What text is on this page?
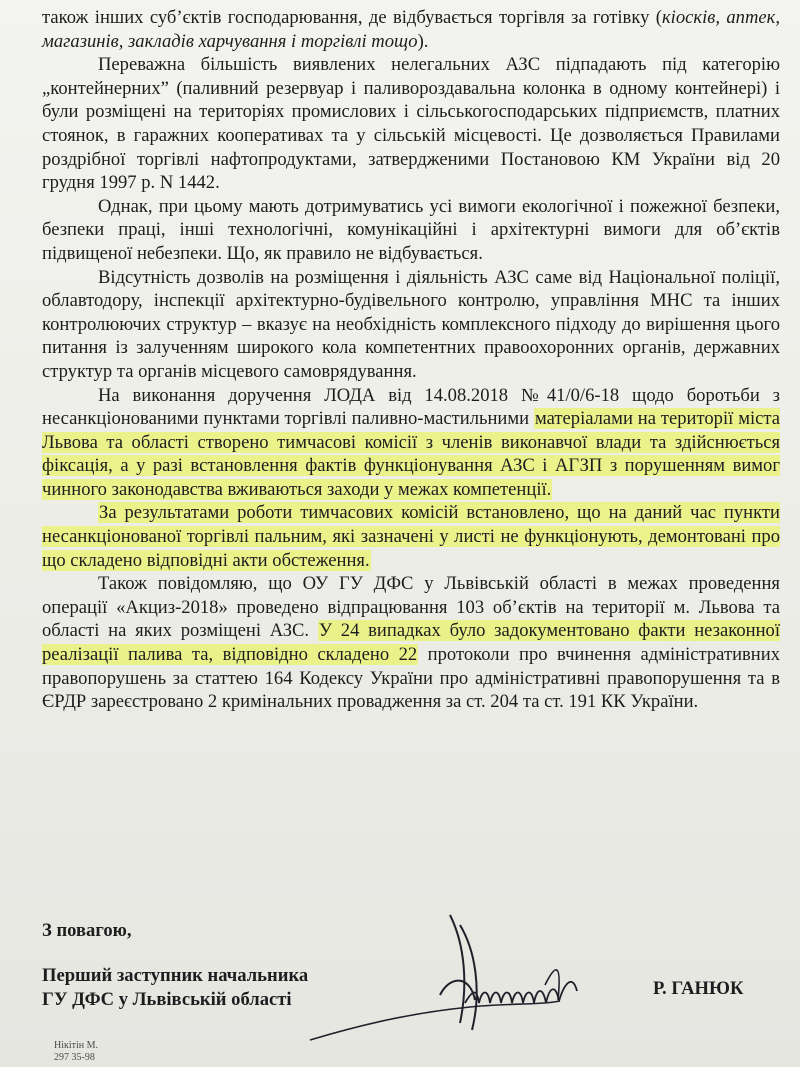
також інших суб’єктів господарювання, де відбувається торгівля за готівку (кіосків, аптек, магазинів, закладів харчування і торгівлі тощо).

Переважна більшість виявлених нелегальних АЗС підпадають під категорію „контейнерних” (паливний резервуар і паливороздавальна колонка в одному контейнері) і були розміщені на територіях промислових і сільськогосподарських підприємств, платних стоянок, в гаражних кооперативах та у сільській місцевості. Це дозволяється Правилами роздрібної торгівлі нафтопродуктами, затвердженими Постановою КМ України від 20 грудня 1997 р. N 1442.

Однак, при цьому мають дотримуватись усі вимоги екологічної і пожежної безпеки, безпеки праці, інші технологічні, комунікаційні і архітектурні вимоги для об’єктів підвищеної небезпеки. Що, як правило не відбувається.

Відсутність дозволів на розміщення і діяльність АЗС саме від Національної поліції, облавтодору, інспекції архітектурно-будівельного контролю, управління МНС та інших контролюючих структур – вказує на необхідність комплексного підходу до вирішення цього питання із залученням широкого кола компетентних правоохоронних органів, державних структур та органів місцевого самоврядування.

На виконання доручення ЛОДА від 14.08.2018 №41/0/6-18 щодо боротьби з несанкціонованими пунктами торгівлі паливно-мастильними матеріалами на території міста Львова та області створено тимчасові комісії з членів виконавчої влади та здійснюється фіксація, а у разі встановлення фактів функціонування АЗС і АГЗП з порушенням вимог чинного законодавства вживаються заходи у межах компетенції.

За результатами роботи тимчасових комісій встановлено, що на даний час пункти несанкціонованої торгівлі пальним, які зазначені у листі не функціонують, демонтовані про що складено відповідні акти обстеження.

Також повідомляю, що ОУ ГУ ДФС у Львівській області в межах проведення операції «Акциз-2018» проведено відпрацювання 103 об’єктів на території м. Львова та області на яких розміщені АЗС. У 24 випадках було задокументовано факти незаконної реалізації палива та, відповідно складено 22 протоколи про вчинення адміністративних правопорушень за статтею 164 Кодексу України про адміністративні правопорушення та в ЄРДР зареєстровано 2 кримінальних провадження за ст. 204 та ст. 191 КК України.

З повагою,
Перший заступник начальника
ГУ ДФС у Львівській області
Р. ГАНЮК
Нікітін М.
297 35-98
